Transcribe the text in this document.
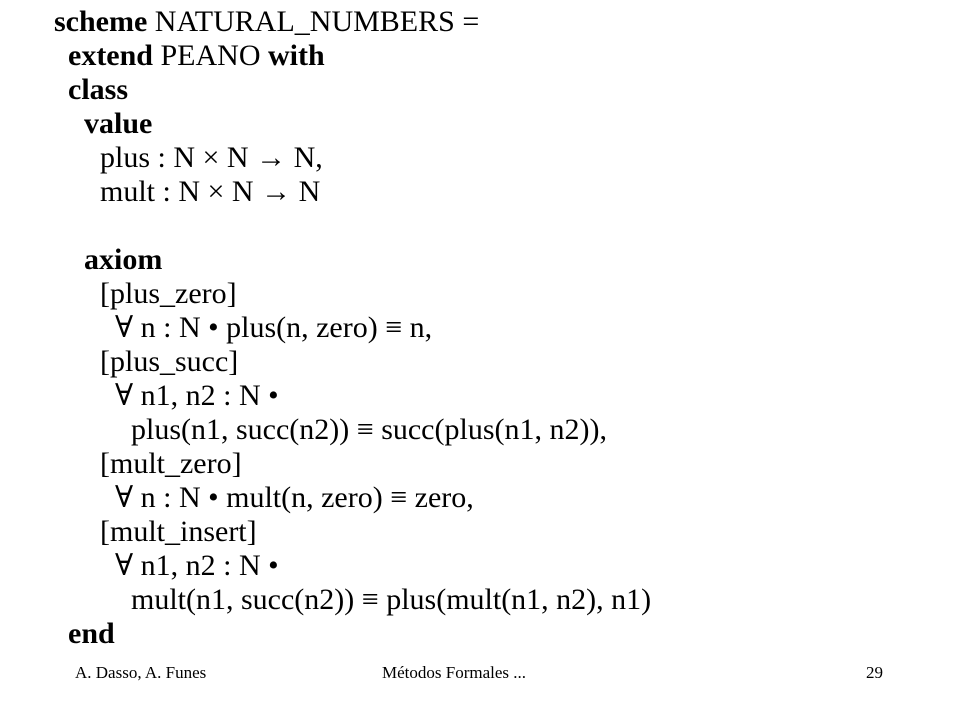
scheme NATURAL_NUMBERS =

extend PEANO with

class

value

plus : N × N → N,

mult : N × N → N

axiom

[plus_zero]

∀ n : N • plus(n, zero) ≡ n,

[plus_succ]

∀ n1, n2 : N •

plus(n1, succ(n2)) ≡ succ(plus(n1, n2)),

[mult_zero]

∀ n : N • mult(n, zero) ≡ zero,

[mult_insert]

∀ n1, n2 : N •

mult(n1, succ(n2)) ≡ plus(mult(n1, n2), n1)

end

A. Dasso, A. Funes	Métodos Formales ...	29
